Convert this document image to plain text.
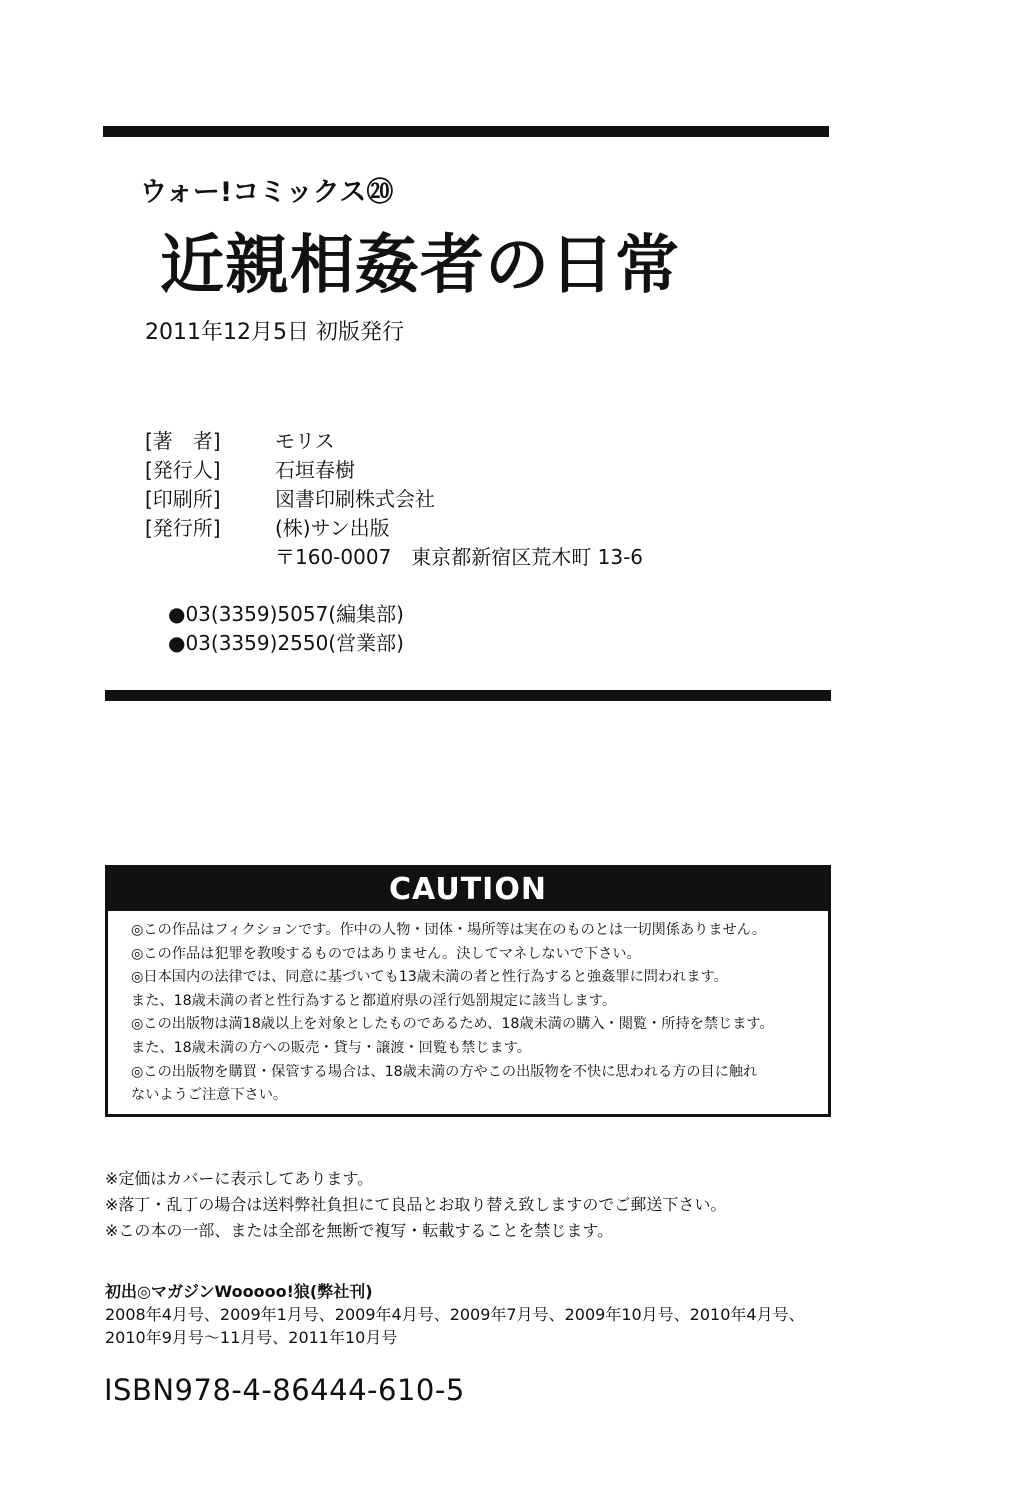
ウォー!コミックス⑳
近親相姦者の日常
2011年12月5日 初版発行
[著　者]	モリス
[発行人]	石垣春樹
[印刷所]	図書印刷株式会社
[発行所]	(株)サン出版
〒160-0007　東京都新宿区荒木町 13-6
●03(3359)5057(編集部)
●03(3359)2550(営業部)
CAUTION
◎この作品はフィクションです。作中の人物・団体・場所等は実在のものとは一切関係ありません。
◎この作品は犯罪を教唆するものではありません。決してマネしないで下さい。
◎日本国内の法律では、同意に基づいても13歳未満の者と性行為すると強姦罪に問われます。
また、18歳未満の者と性行為すると都道府県の淫行処罰規定に該当します。
◎この出版物は満18歳以上を対象としたものであるため、18歳未満の購入・閲覧・所持を禁じます。
また、18歳未満の方への販売・貸与・譲渡・回覧も禁じます。
◎この出版物を購買・保管する場合は、18歳未満の方やこの出版物を不快に思われる方の目に触れ
ないようご注意下さい。
※定価はカバーに表示してあります。
※落丁・乱丁の場合は送料弊社負担にて良品とお取り替え致しますのでご郵送下さい。
※この本の一部、または全部を無断で複写・転載することを禁じます。
初出◎マガジンWooooo!狼(弊社刊)
2008年4月号、2009年1月号、2009年4月号、2009年7月号、2009年10月号、2010年4月号、
2010年9月号～11月号、2011年10月号
ISBN978-4-86444-610-5
